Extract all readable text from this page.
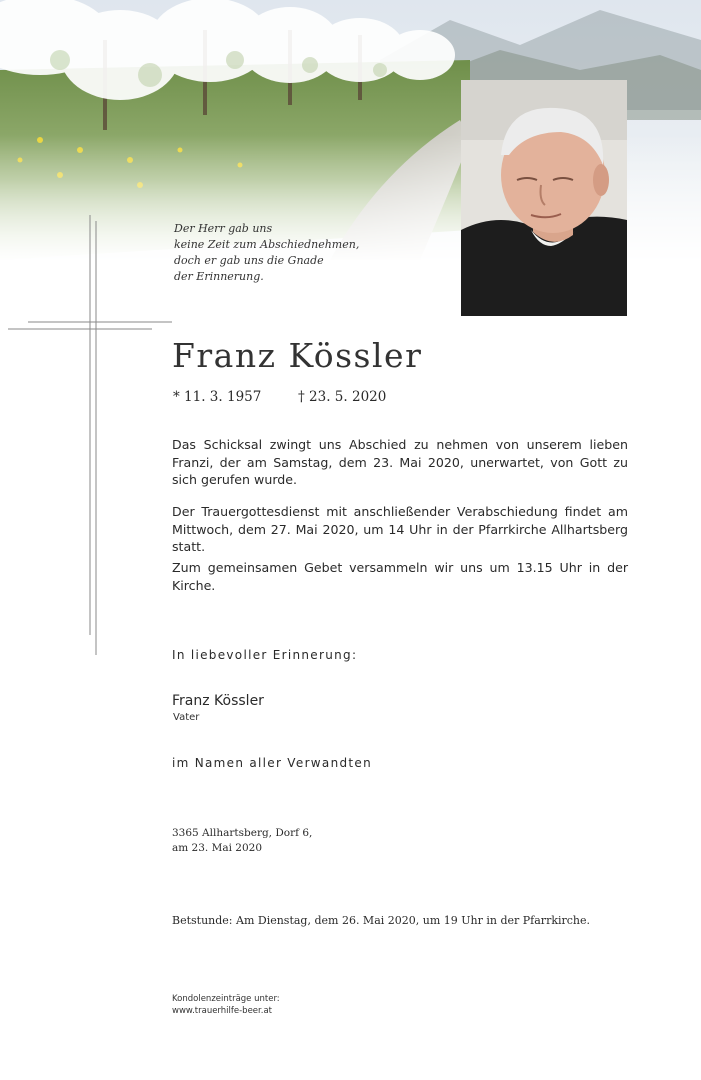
Der Herr gab uns
keine Zeit zum Abschiednehmen,
doch er gab uns die Gnade
der Erinnerung.
Franz Kössler
* 11. 3. 1957	† 23. 5. 2020
Das Schicksal zwingt uns Abschied zu nehmen von unserem lieben Franzi, der am Samstag, dem 23. Mai 2020, unerwartet, von Gott zu sich gerufen wurde.
Der Trauergottesdienst mit anschließender Verabschiedung findet am Mittwoch, dem 27. Mai 2020, um 14 Uhr in der Pfarrkirche Allhartsberg statt.
Zum gemeinsamen Gebet versammeln wir uns um 13.15 Uhr in der Kirche.
In liebevoller Erinnerung:
Franz Kössler
Vater
im Namen aller Verwandten
3365 Allhartsberg, Dorf 6,
am 23. Mai 2020
Betstunde: Am Dienstag, dem 26. Mai 2020, um 19 Uhr in der Pfarrkirche.
Kondolenzeinträge unter:
www.trauerhilfe-beer.at
